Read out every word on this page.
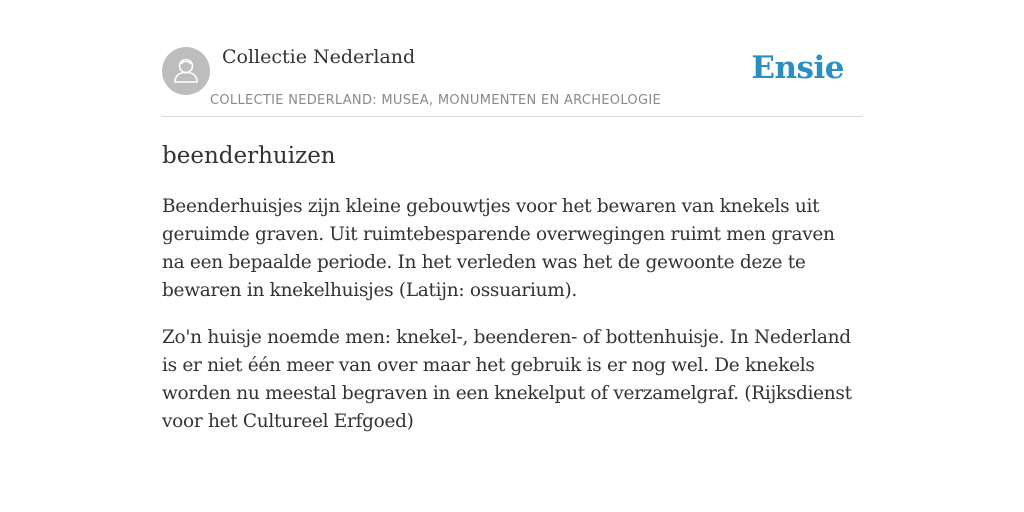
Collectie Nederland
COLLECTIE NEDERLAND: MUSEA, MONUMENTEN EN ARCHEOLOGIE
Ensie
beenderhuizen

Beenderhuisjes zijn kleine gebouwtjes voor het bewaren van knekels uit geruimde graven. Uit ruimtebesparende overwegingen ruimt men graven na een bepaalde periode. In het verleden was het de gewoonte deze te bewaren in knekelhuisjes (Latijn: ossuarium).

Zo'n huisje noemde men: knekel-, beenderen- of bottenhuisje. In Nederland is er niet één meer van over maar het gebruik is er nog wel. De knekels worden nu meestal begraven in een knekelput of verzamelgraf. (Rijksdienst voor het Cultureel Erfgoed)
